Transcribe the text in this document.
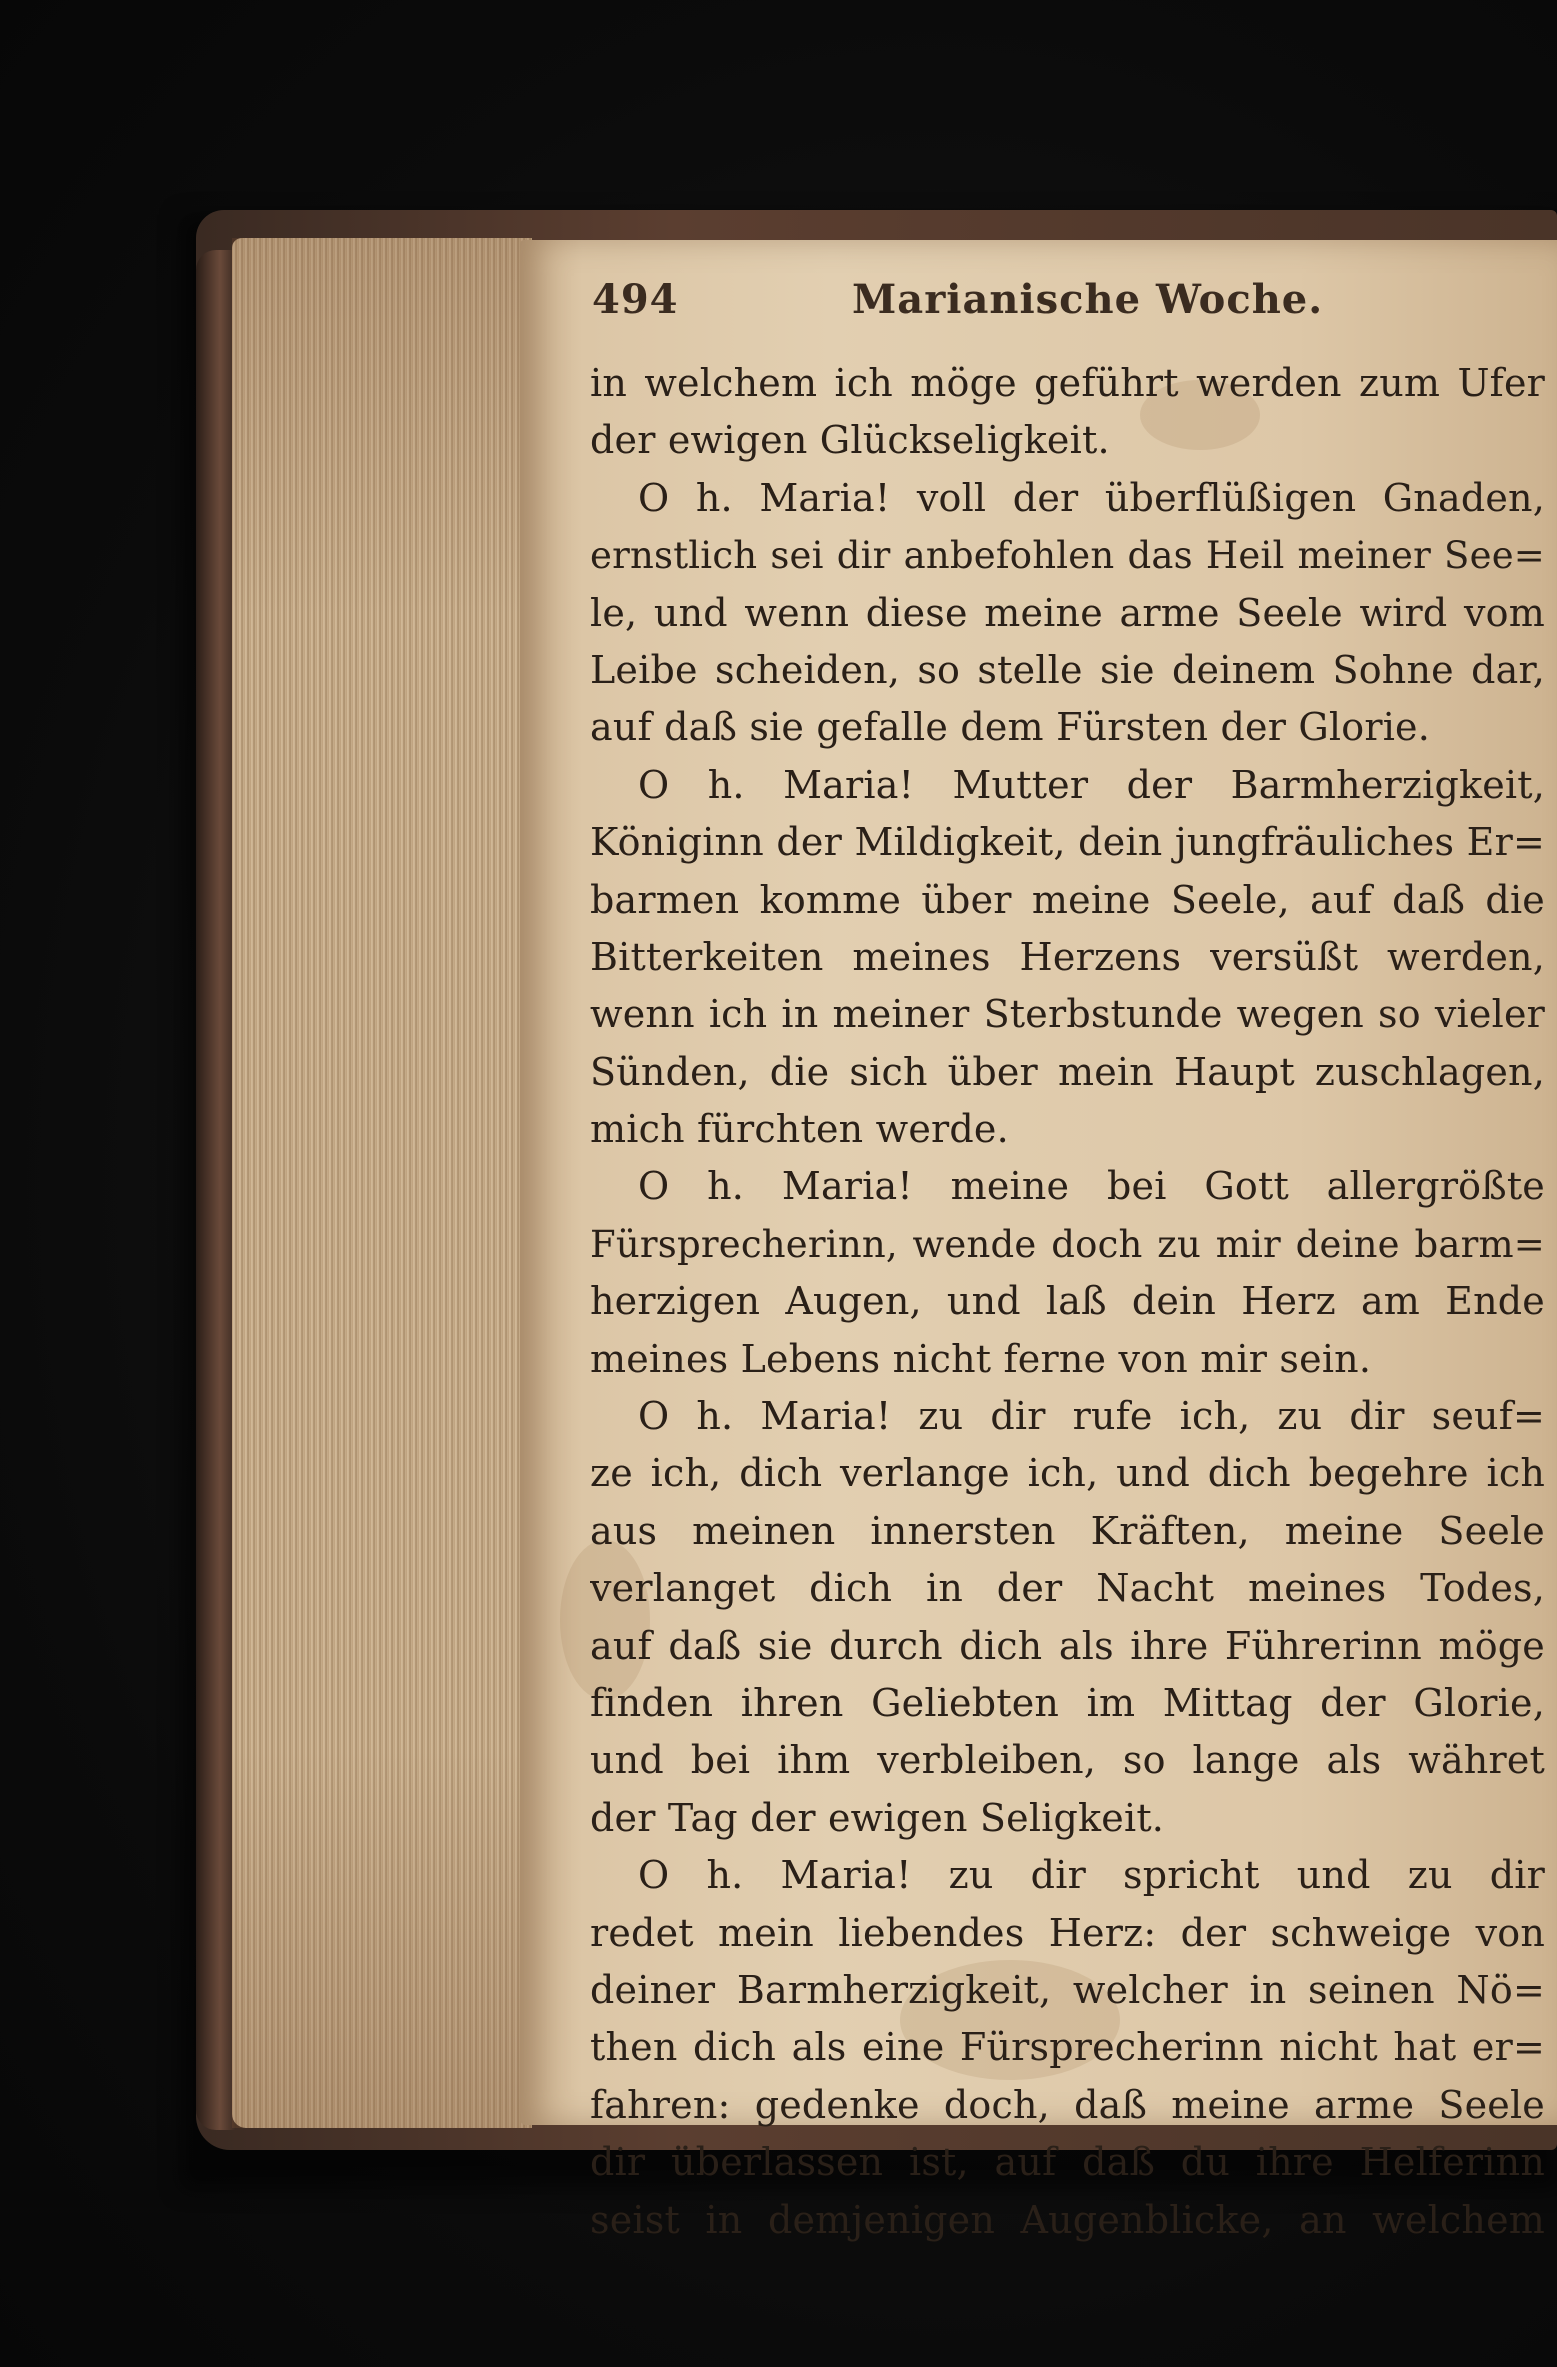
494	Marianische Woche.
in welchem ich möge geführt werden zum Ufer
der ewigen Glückseligkeit.
O h. Maria! voll der überflüßigen Gnaden,
ernstlich sei dir anbefohlen das Heil meiner See=
le, und wenn diese meine arme Seele wird vom
Leibe scheiden, so stelle sie deinem Sohne dar,
auf daß sie gefalle dem Fürsten der Glorie.
O h. Maria! Mutter der Barmherzigkeit,
Königinn der Mildigkeit, dein jungfräuliches Er=
barmen komme über meine Seele, auf daß die
Bitterkeiten meines Herzens versüßt werden,
wenn ich in meiner Sterbstunde wegen so vieler
Sünden, die sich über mein Haupt zuschlagen,
mich fürchten werde.
O h. Maria! meine bei Gott allergrößte
Fürsprecherinn, wende doch zu mir deine barm=
herzigen Augen, und laß dein Herz am Ende
meines Lebens nicht ferne von mir sein.
O h. Maria! zu dir rufe ich, zu dir seuf=
ze ich, dich verlange ich, und dich begehre ich
aus meinen innersten Kräften, meine Seele
verlanget dich in der Nacht meines Todes,
auf daß sie durch dich als ihre Führerinn möge
finden ihren Geliebten im Mittag der Glorie,
und bei ihm verbleiben, so lange als währet
der Tag der ewigen Seligkeit.
O h. Maria! zu dir spricht und zu dir
redet mein liebendes Herz: der schweige von
deiner Barmherzigkeit, welcher in seinen Nö=
then dich als eine Fürsprecherinn nicht hat er=
fahren: gedenke doch, daß meine arme Seele
dir überlassen ist, auf daß du ihre Helferinn
seist in demjenigen Augenblicke, an welchem
